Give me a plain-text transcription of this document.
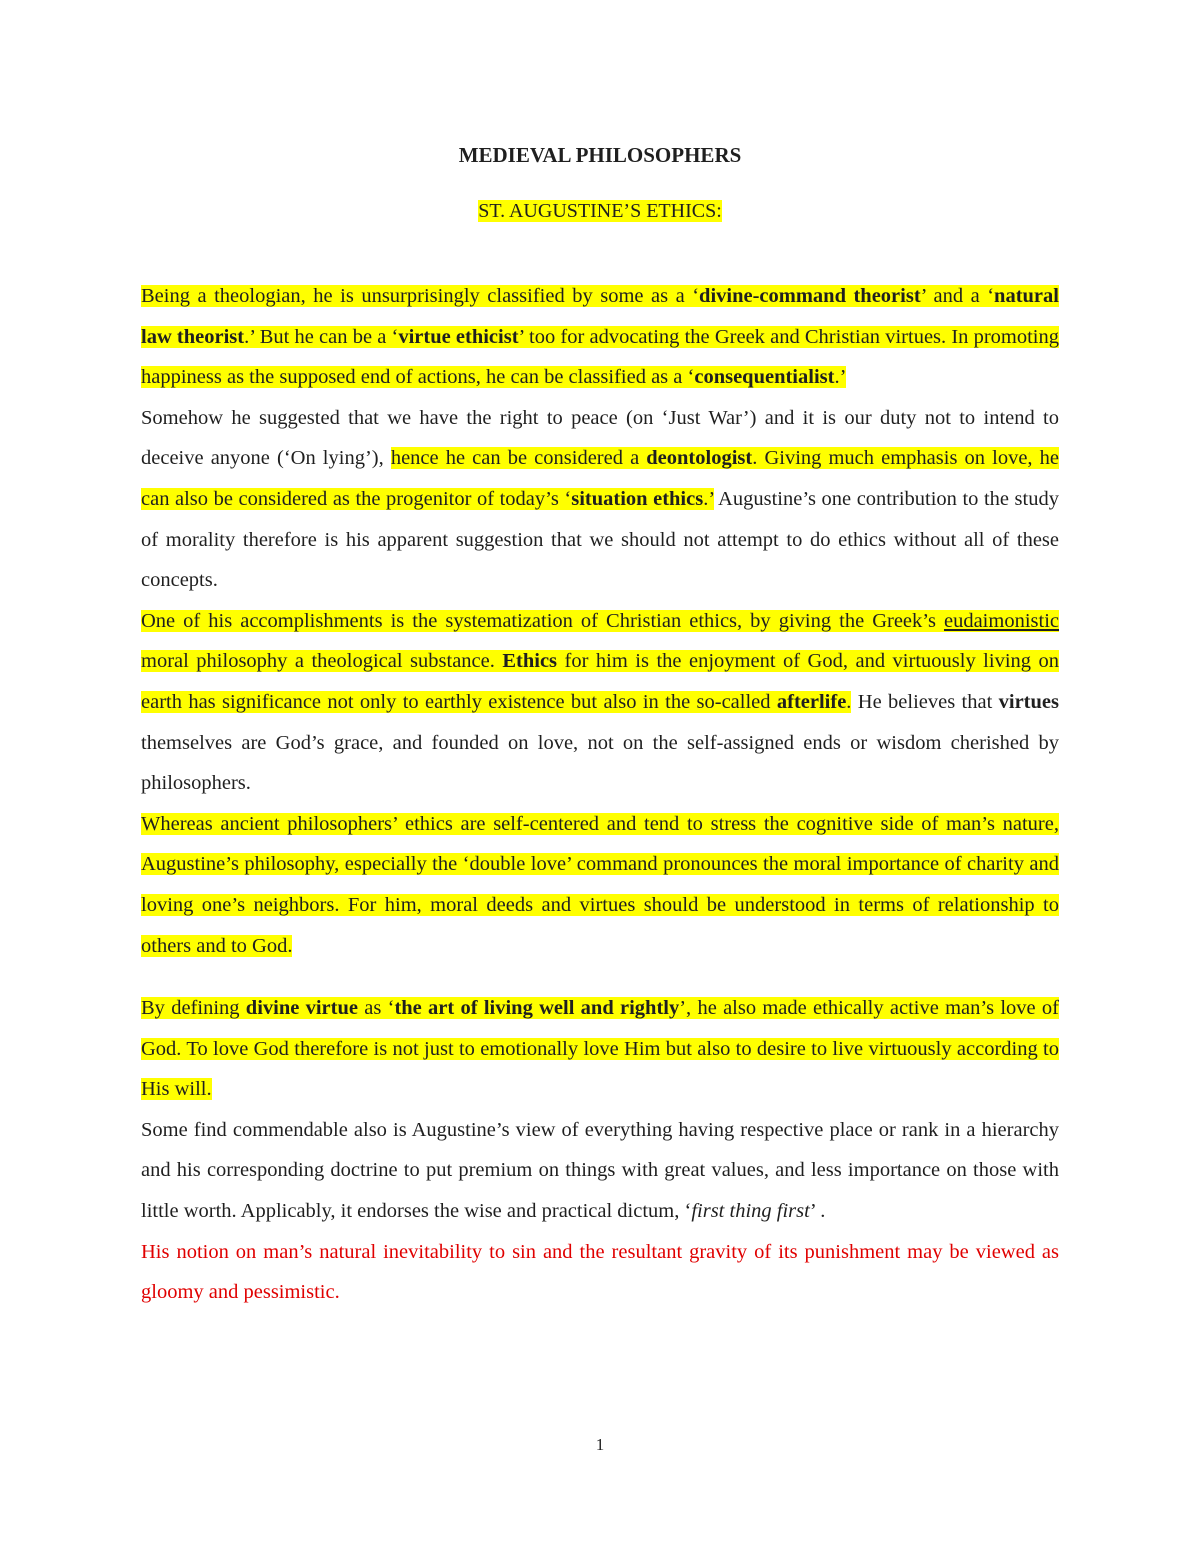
MEDIEVAL PHILOSOPHERS

ST. AUGUSTINE’S ETHICS:

Being a theologian, he is unsurprisingly classified by some as a ‘divine-command theorist’ and a ‘natural law theorist.’ But he can be a ‘virtue ethicist’ too for advocating the Greek and Christian virtues. In promoting happiness as the supposed end of actions, he can be classified as a ‘consequentialist.’

Somehow he suggested that we have the right to peace (on ‘Just War’) and it is our duty not to intend to deceive anyone (‘On lying’), hence he can be considered a deontologist. Giving much emphasis on love, he can also be considered as the progenitor of today’s ‘situation ethics.’ Augustine’s one contribution to the study of morality therefore is his apparent suggestion that we should not attempt to do ethics without all of these concepts.

One of his accomplishments is the systematization of Christian ethics, by giving the Greek’s eudaimonistic moral philosophy a theological substance. Ethics for him is the enjoyment of God, and virtuously living on earth has significance not only to earthly existence but also in the so-called afterlife. He believes that virtues themselves are God’s grace, and founded on love, not on the self-assigned ends or wisdom cherished by philosophers.

Whereas ancient philosophers’ ethics are self-centered and tend to stress the cognitive side of man’s nature, Augustine’s philosophy, especially the ‘double love’ command pronounces the moral importance of charity and loving one’s neighbors. For him, moral deeds and virtues should be understood in terms of relationship to others and to God.

By defining divine virtue as ‘the art of living well and rightly’, he also made ethically active man’s love of God. To love God therefore is not just to emotionally love Him but also to desire to live virtuously according to His will.

Some find commendable also is Augustine’s view of everything having respective place or rank in a hierarchy and his corresponding doctrine to put premium on things with great values, and less importance on those with little worth. Applicably, it endorses the wise and practical dictum, ‘first thing first’ .

His notion on man’s natural inevitability to sin and the resultant gravity of its punishment may be viewed as gloomy and pessimistic.

1
